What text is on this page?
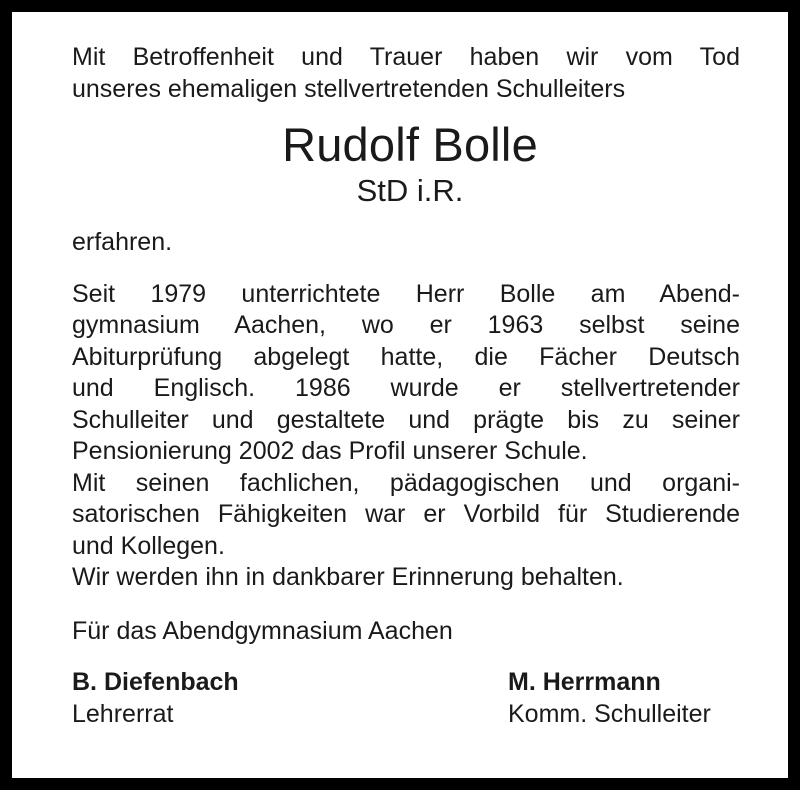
Mit Betroffenheit und Trauer haben wir vom Tod
unseres ehemaligen stellvertretenden Schulleiters
Rudolf Bolle
StD i.R.
erfahren.
Seit 1979 unterrichtete Herr Bolle am Abend-
gymnasium Aachen, wo er 1963 selbst seine
Abiturprüfung abgelegt hatte, die Fächer Deutsch
und Englisch. 1986 wurde er stellvertretender
Schulleiter und gestaltete und prägte bis zu seiner
Pensionierung 2002 das Profil unserer Schule.
Mit seinen fachlichen, pädagogischen und organi-
satorischen Fähigkeiten war er Vorbild für Studierende
und Kollegen.
Wir werden ihn in dankbarer Erinnerung behalten.
Für das Abendgymnasium Aachen
B. Diefenbach
Lehrerrat
M. Herrmann
Komm. Schulleiter
